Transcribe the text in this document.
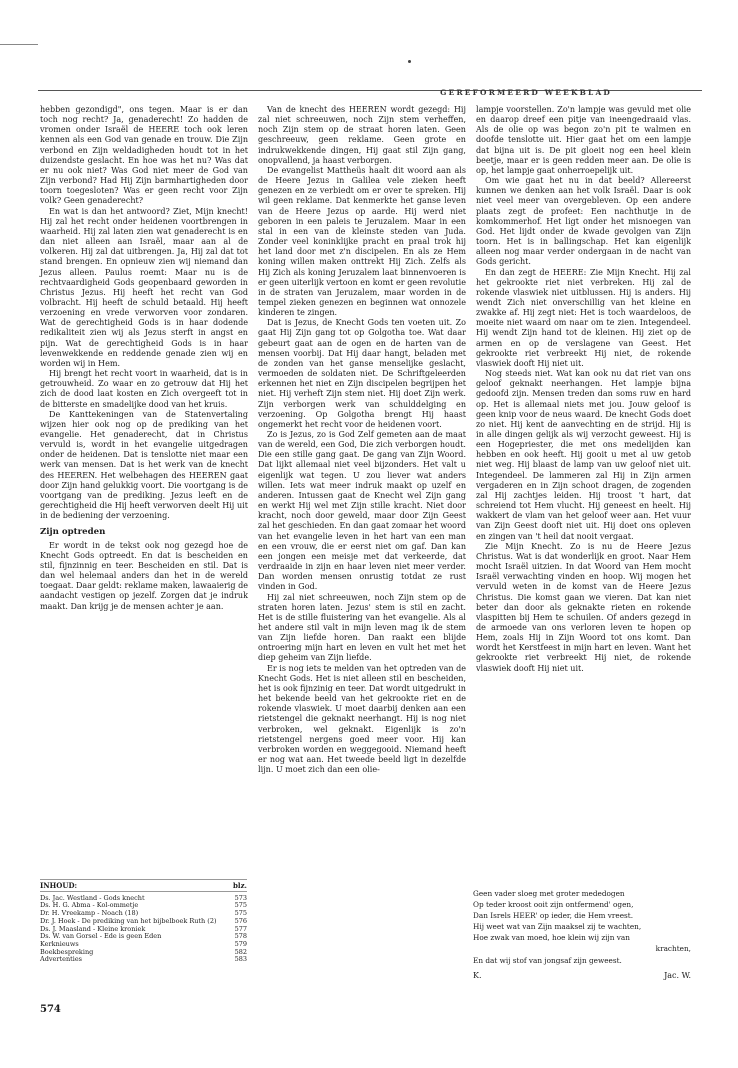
GEREFORMEERD WEEKBLAD

hebben gezondigd", ons tegen. Maar is er dan toch nog recht? Ja, genaderecht! Zo hadden de vromen onder Israël de HEERE toch ook leren kennen als een God van genade en trouw. Die Zijn verbond en Zijn weldadigheden houdt tot in het duizendste geslacht. En hoe was het nu? Was dat er nu ook niet? Was God niet meer de God van Zijn verbond? Had Hij Zijn barmhartigheden door toorn toegesloten? Was er geen recht voor Zijn volk? Geen genaderecht?

En wat is dan het antwoord? Ziet, Mijn knecht! Hij zal het recht onder heidenen voortbrengen in waarheid. Hij zal laten zien wat genaderecht is en dan niet alleen aan Israël, maar aan al de volkeren. Hij zal dat uitbrengen. Ja, Hij zal dat tot stand brengen. En opnieuw zien wij niemand dan Jezus alleen. Paulus roemt: Maar nu is de rechtvaardigheid Gods geopenbaard geworden in Christus Jezus. Hij heeft het recht van God volbracht. Hij heeft de schuld betaald. Hij heeft verzoening en vrede verworven voor zondaren. Wat de gerechtigheid Gods is in haar dodende redikaliteit zien wij als Jezus sterft in angst en pijn. Wat de gerechtigheid Gods is in haar levenwekkende en reddende genade zien wij en worden wij in Hem.

Hij brengt het recht voort in waarheid, dat is in getrouwheid. Zo waar en zo getrouw dat Hij het zich de dood laat kosten en Zich overgeeft tot in de bitterste en smadelijke dood van het kruis.

De Kanttekeningen van de Statenvertaling wijzen hier ook nog op de prediking van het evangelie. Het genaderecht, dat in Christus vervuld is, wordt in het evangelie uitgedragen onder de heidenen. Dat is tenslotte niet maar een werk van mensen. Dat is het werk van de knecht des HEEREN. Het welbehagen des HEEREN gaat door Zijn hand gelukkig voort. Die voortgang is de voortgang van de prediking. Jezus leeft en de gerechtigheid die Hij heeft verworven deelt Hij uit in de bediening der verzoening.

Zijn optreden

Er wordt in de tekst ook nog gezegd hoe de Knecht Gods optreedt. En dat is bescheiden en stil, fijnzinnig en teer. Bescheiden en stil. Dat is dan wel helemaal anders dan het in de wereld toegaat. Daar geldt: reklame maken, lawaaierig de aandacht vestigen op jezelf. Zorgen dat je indruk maakt. Dan krijg je de mensen achter je aan.

INHOUD:	blz.
Ds. Jac. Westland - Gods knecht	573
Ds. H. G. Abma - Kol-ommetje	575
Dr. H. Vreekamp - Noach (18)	575
Dr. J. Hoek - De prediking van het bijbelboek Ruth (2)	576
Ds. J. Maasland - Kleine kroniek	577
Ds. W. van Gorsel - Ede is geen Eden	578
Kerknieuws	579
Boekbespreking	582
Advertenties	583
574

Van de knecht des HEEREN wordt gezegd: Hij zal niet schreeuwen, noch Zijn stem verheffen, noch Zijn stem op de straat horen laten. Geen geschreeuw, geen reklame. Geen grote en indrukwekkende dingen, Hij gaat stil Zijn gang, onopvallend, ja haast verborgen.

De evangelist Mattheüs haalt dit woord aan als de Heere Jezus in Galilea vele zieken heeft genezen en ze verbiedt om er over te spreken. Hij wil geen reklame. Dat kenmerkte het ganse leven van de Heere Jezus op aarde. Hij werd niet geboren in een paleis te Jeruzalem. Maar in een stal in een van de kleinste steden van Juda. Zonder veel koninklijke pracht en praal trok hij het land door met z'n discipelen. En als ze Hem koning willen maken onttrekt Hij Zich. Zelfs als Hij Zich als koning Jeruzalem laat binnenvoeren is er geen uiterlijk vertoon en komt er geen revolutie in de straten van Jeruzalem, maar worden in de tempel zieken genezen en beginnen wat onnozele kinderen te zingen.

Dat is Jezus, de Knecht Gods ten voeten uit. Zo gaat Hij Zijn gang tot op Golgotha toe. Wat daar gebeurt gaat aan de ogen en de harten van de mensen voorbij. Dat Hij daar hangt, beladen met de zonden van het ganse menselijke geslacht, vermoeden de soldaten niet. De Schriftgeleerden erkennen het niet en Zijn discipelen begrijpen het niet. Hij verheft Zijn stem niet. Hij doet Zijn werk. Zijn verborgen werk van schulddelging en verzoening. Op Golgotha brengt Hij haast ongemerkt het recht voor de heidenen voort.

Zo is Jezus, zo is God Zelf gemeten aan de maat van de wereld, een God, Die zich verborgen houdt. Die een stille gang gaat. De gang van Zijn Woord. Dat lijkt allemaal niet veel bijzonders. Het valt u eigenlijk wat tegen. U zou liever wat anders willen. Iets wat meer indruk maakt op uzelf en anderen. Intussen gaat de Knecht wel Zijn gang en werkt Hij wel met Zijn stille kracht. Niet door kracht, noch door geweld, maar door Zijn Geest zal het geschieden. En dan gaat zomaar het woord van het evangelie leven in het hart van een man en een vrouw, die er eerst niet om gaf. Dan kan een jongen een meisje met dat verkeerde, dat verdraaide in zijn en haar leven niet meer verder. Dan worden mensen onrustig totdat ze rust vinden in God.

Hij zal niet schreeuwen, noch Zijn stem op de straten horen laten. Jezus' stem is stil en zacht. Het is de stille fluistering van het evangelie. Als al het andere stil valt in mijn leven mag ik de stem van Zijn liefde horen. Dan raakt een blijde ontroering mijn hart en leven en vult het met het diep geheim van Zijn liefde.

Er is nog iets te melden van het optreden van de Knecht Gods. Het is niet alleen stil en bescheiden, het is ook fijnzinig en teer. Dat wordt uitgedrukt in het bekende beeld van het gekrookte riet en de rokende vlaswiek. U moet daarbij denken aan een rietstengel die geknakt neerhangt. Hij is nog niet verbroken, wel geknakt. Eigenlijk is zo'n rietstengel nergens goed meer voor. Hij kan verbroken worden en weggegooid. Niemand heeft er nog wat aan. Het tweede beeld ligt in dezelfde lijn. U moet zich dan een olie-

lampje voorstellen. Zo'n lampje was gevuld met olie en daarop dreef een pitje van ineengedraaid vlas. Als de olie op was begon zo'n pit te walmen en doofde tenslotte uit. Hier gaat het om een lampje dat bijna uit is. De pit gloeit nog een heel klein beetje, maar er is geen redden meer aan. De olie is op, het lampje gaat onherroepelijk uit.

Om wie gaat het nu in dat beeld? Allereerst kunnen we denken aan het volk Israël. Daar is ook niet veel meer van overgebleven. Op een andere plaats zegt de profeet: Een nachthutje in de komkommerhof. Het ligt onder het misnoegen van God. Het lijdt onder de kwade gevolgen van Zijn toorn. Het is in ballingschap. Het kan eigenlijk alleen nog maar verder ondergaan in de nacht van Gods gericht.

En dan zegt de HEERE: Zie Mijn Knecht. Hij zal het gekrookte riet niet verbreken. Hij zal de rokende vlaswiek niet uitblussen. Hij is anders. Hij wendt Zich niet onverschillig van het kleine en zwakke af. Hij zegt niet: Het is toch waardeloos, de moeite niet waard om naar om te zien. Integendeel. Hij wendt Zijn hand tot de kleinen. Hij ziet op de armen en op de verslagene van Geest. Het gekrookte riet verbreekt Hij niet, de rokende vlaswiek dooft Hij niet uit.

Nog steeds niet. Wat kan ook nu dat riet van ons geloof geknakt neerhangen. Het lampje bijna gedoofd zijn. Mensen treden dan soms ruw en hard op. Het is allemaal niets met jou. Jouw geloof is geen knip voor de neus waard. De knecht Gods doet zo niet. Hij kent de aanvechting en de strijd. Hij is in alle dingen gelijk als wij verzocht geweest. Hij is een Hogepriester, die met ons medelijden kan hebben en ook heeft. Hij gooit u met al uw getob niet weg. Hij blaast de lamp van uw geloof niet uit. Integendeel. De lammeren zal Hij in Zijn armen vergaderen en in Zijn schoot dragen, de zogenden zal Hij zachtjes leiden. Hij troost 't hart, dat schreiend tot Hem vlucht. Hij geneest en heelt. Hij wakkert de vlam van het geloof weer aan. Het vuur van Zijn Geest dooft niet uit. Hij doet ons opleven en zingen van 't heil dat nooit vergaat.

Zie Mijn Knecht. Zo is nu de Heere Jezus Christus. Wat is dat wonderlijk en groot. Naar Hem mocht Israël uitzien. In dat Woord van Hem mocht Israël verwachting vinden en hoop. Wij mogen het vervuld weten in de komst van de Heere Jezus Christus. Die komst gaan we vieren. Dat kan niet beter dan door als geknakte rieten en rokende vlaspitten bij Hem te schuilen. Of anders gezegd in de armoede van ons verloren leven te hopen op Hem, zoals Hij in Zijn Woord tot ons komt. Dan wordt het Kerstfeest in mijn hart en leven. Want het gekrookte riet verbreekt Hij niet, de rokende vlaswiek dooft Hij niet uit.

Geen vader sloeg met groter mededogen
Op teder kroost ooit zijn ontfermend' ogen,
Dan Isrels HEER' op ieder, die Hem vreest.
Hij weet wat van Zijn maaksel zij te wachten,
Hoe zwak van moed, hoe klein wij zijn van
krachten,
En dat wij stof van jongsaf zijn geweest.
K.	Jac. W.
